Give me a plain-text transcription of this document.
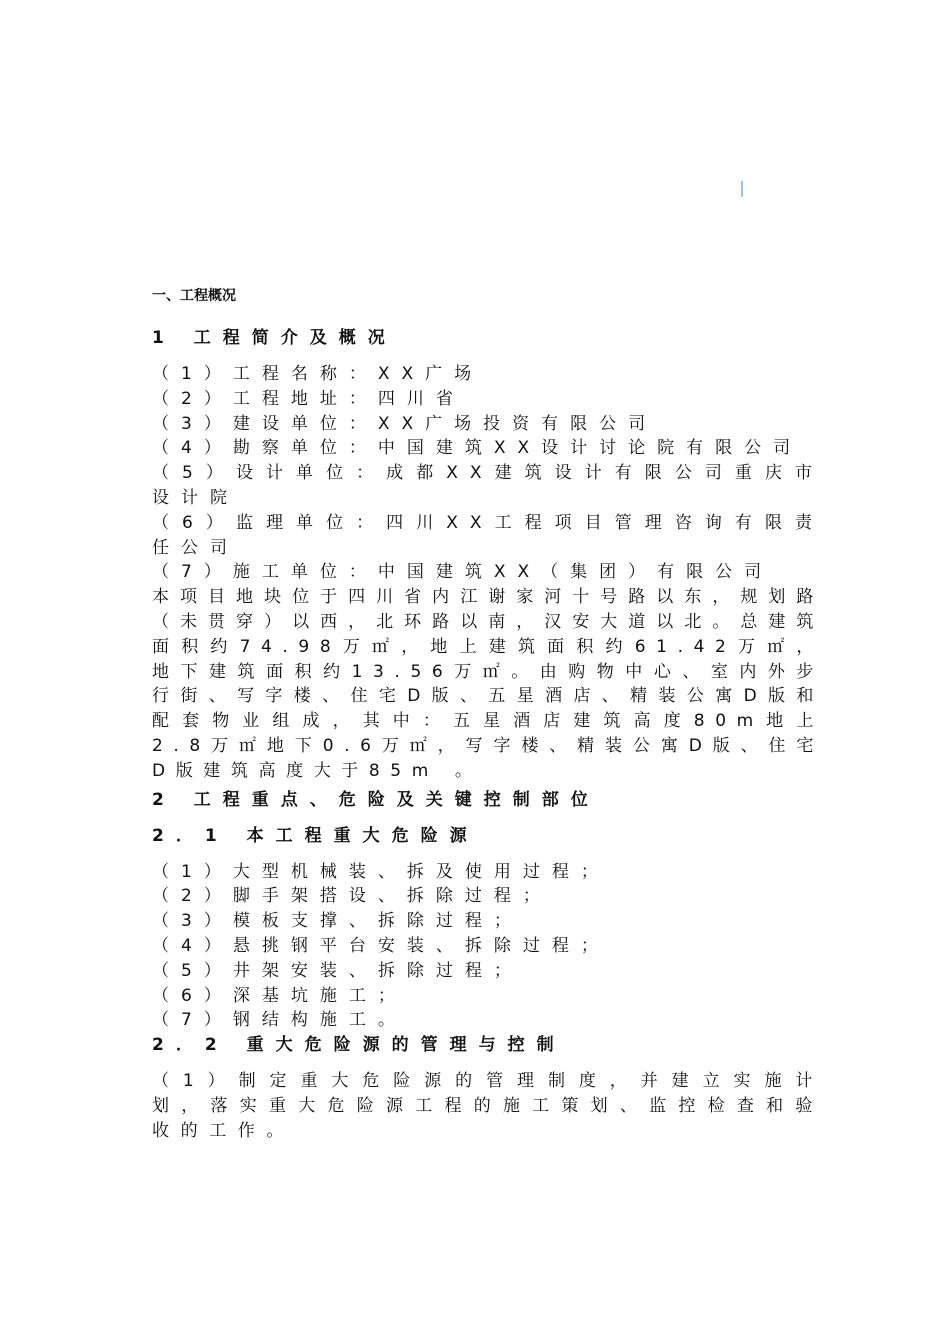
一、工程概况
1 工程简介及概况
（1）工程名称：XX广场
（2）工程地址：四川省
（3）建设单位：XX广场投资有限公司
（4）勘察单位：中国建筑XX设计讨论院有限公司
（5）设计单位：成都XX建筑设计有限公司重庆市设计院
（6）监理单位：四川XX工程项目管理咨询有限责任公司
（7）施工单位：中国建筑XX（集团）有限公司
本项目地块位于四川省内江谢家河十号路以东，规划路（未贯穿）以西，北环路以南，汉安大道以北。总建筑面积约74.98万㎡，地上建筑面积约61.42万㎡，地下建筑面积约13.56万㎡。由购物中心、室内外步行街、写字楼、住宅D版、五星酒店、精装公寓D版和配套物业组成，其中：五星酒店建筑高度80m地上2.8万㎡地下0.6万㎡，写字楼、精装公寓D版、住宅D版建筑高度大于85m 。
2 工程重点、危险及关键控制部位
2．1 本工程重大危险源
（1）大型机械装、拆及使用过程；
（2）脚手架搭设、拆除过程；
（3）模板支撑、拆除过程；
（4）悬挑钢平台安装、拆除过程；
（5）井架安装、拆除过程；
（6）深基坑施工；
（7）钢结构施工。
2．2 重大危险源的管理与控制
（1）制定重大危险源的管理制度，并建立实施计划，落实重大危险源工程的施工策划、监控检查和验收的工作。
